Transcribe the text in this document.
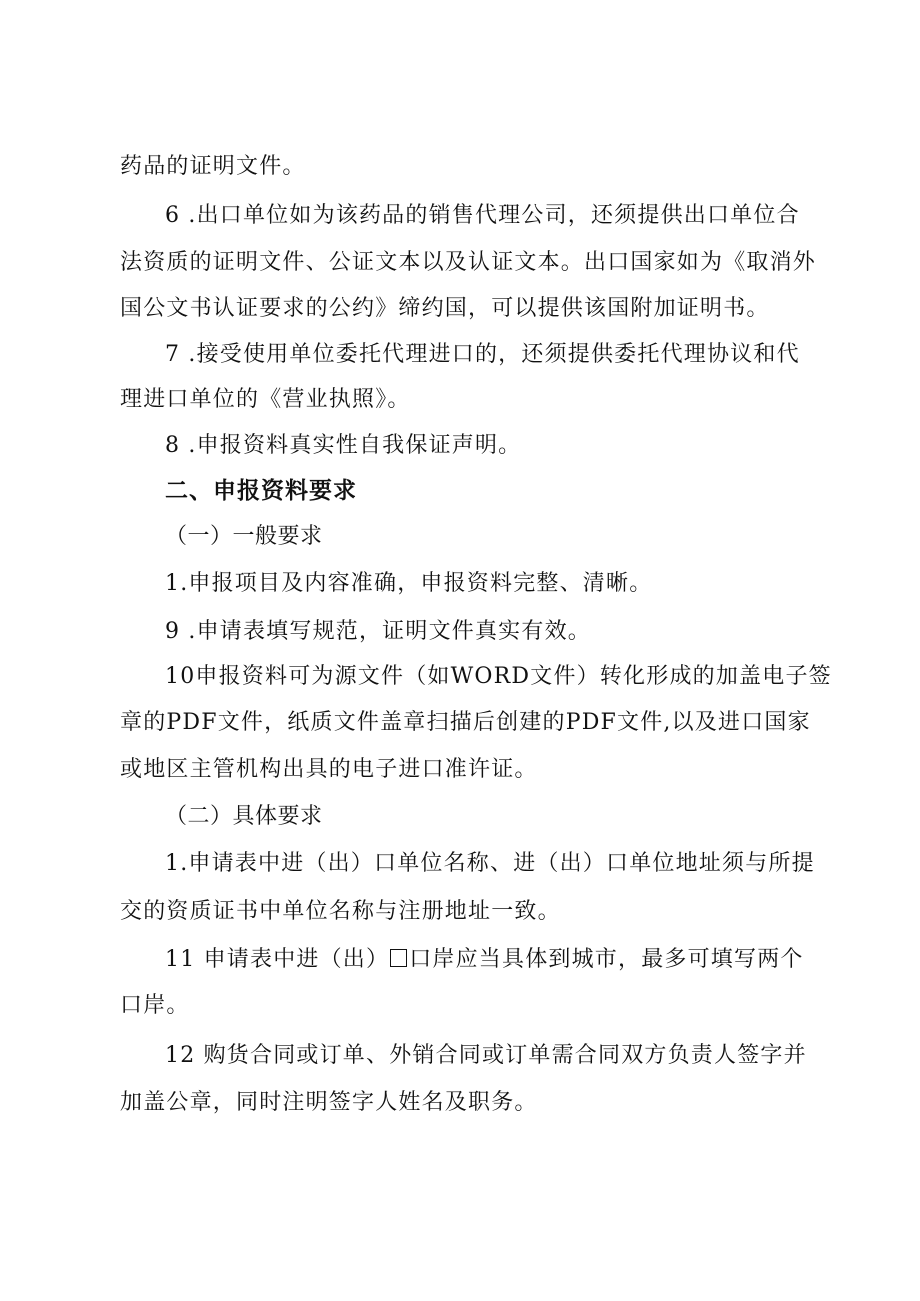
药品的证明文件。
6 .出口单位如为该药品的销售代理公司，还须提供出口单位合
法资质的证明文件、公证文本以及认证文本。出口国家如为《取消外
国公文书认证要求的公约》缔约国，可以提供该国附加证明书。
7 .接受使用单位委托代理进口的，还须提供委托代理协议和代
理进口单位的《营业执照》。
8 .申报资料真实性自我保证声明。
二、申报资料要求
（一）一般要求
1.申报项目及内容准确，申报资料完整、清晰。
9 .申请表填写规范，证明文件真实有效。
10申报资料可为源文件（如WORD文件）转化形成的加盖电子签
章的PDF文件，纸质文件盖章扫描后创建的PDF文件,以及进口国家
或地区主管机构出具的电子进口准许证。
（二）具体要求
1.申请表中进（出）口单位名称、进（出）口单位地址须与所提
交的资质证书中单位名称与注册地址一致。
11 申请表中进（出） 口岸应当具体到城市，最多可填写两个
口岸。
12 购货合同或订单、外销合同或订单需合同双方负责人签字并
加盖公章，同时注明签字人姓名及职务。
